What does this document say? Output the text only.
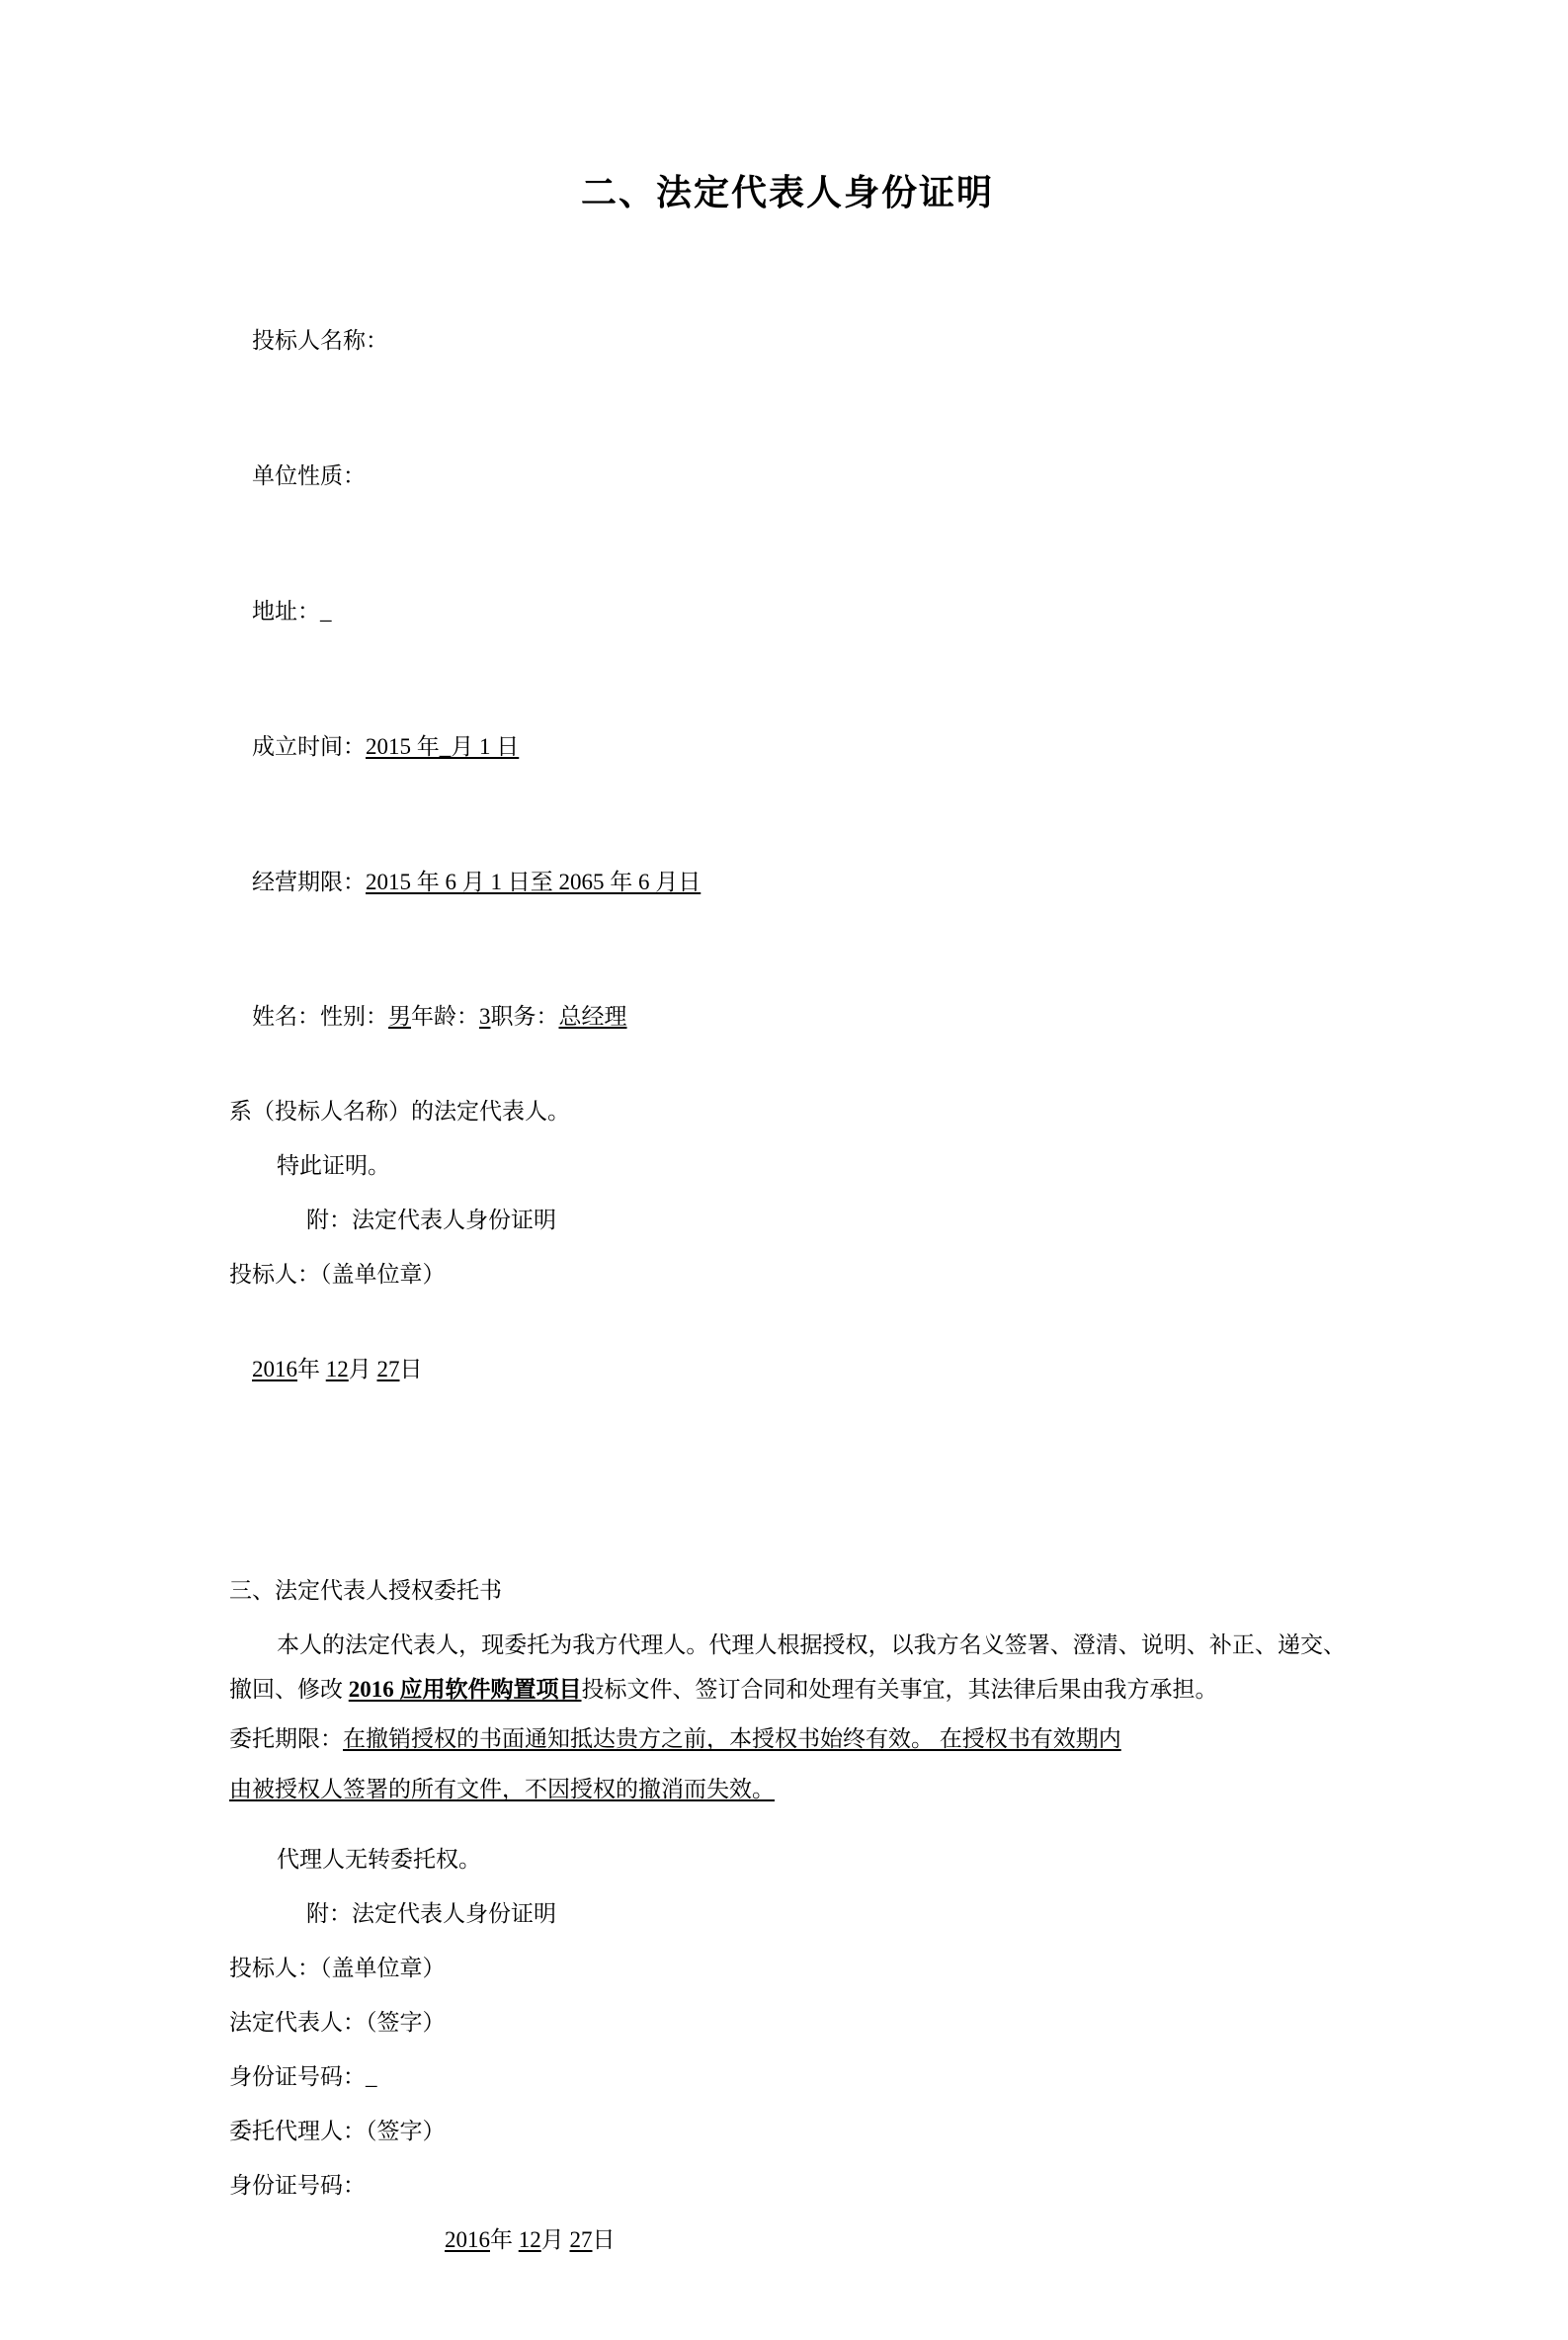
二、法定代表人身份证明

投标人名称：

单位性质：

地址：_

成立时间：2015 年_月 1 日

经营期限：2015 年 6 月 1 日至 2065 年 6 月日

姓名：性别：男年龄：3职务：总经理

系（投标人名称）的法定代表人。
特此证明。
附：法定代表人身份证明
投标人：（盖单位章）

2016年 12月 27日

三、法定代表人授权委托书

本人的法定代表人，现委托为我方代理人。代理人根据授权，以我方名义签署、澄清、说明、补正、递交、撤回、修改 2016 应用软件购置项目投标文件、签订合同和处理有关事宜，其法律后果由我方承担。

委托期限：在撤销授权的书面通知抵达贵方之前，本授权书始终有效。 在授权书有效期内
由被授权人签署的所有文件，不因授权的撤消而失效。
代理人无转委托权。
附：法定代表人身份证明
投标人：（盖单位章）
法定代表人：（签字）
身份证号码：_
委托代理人：（签字）
身份证号码：
2016年 12月 27日
